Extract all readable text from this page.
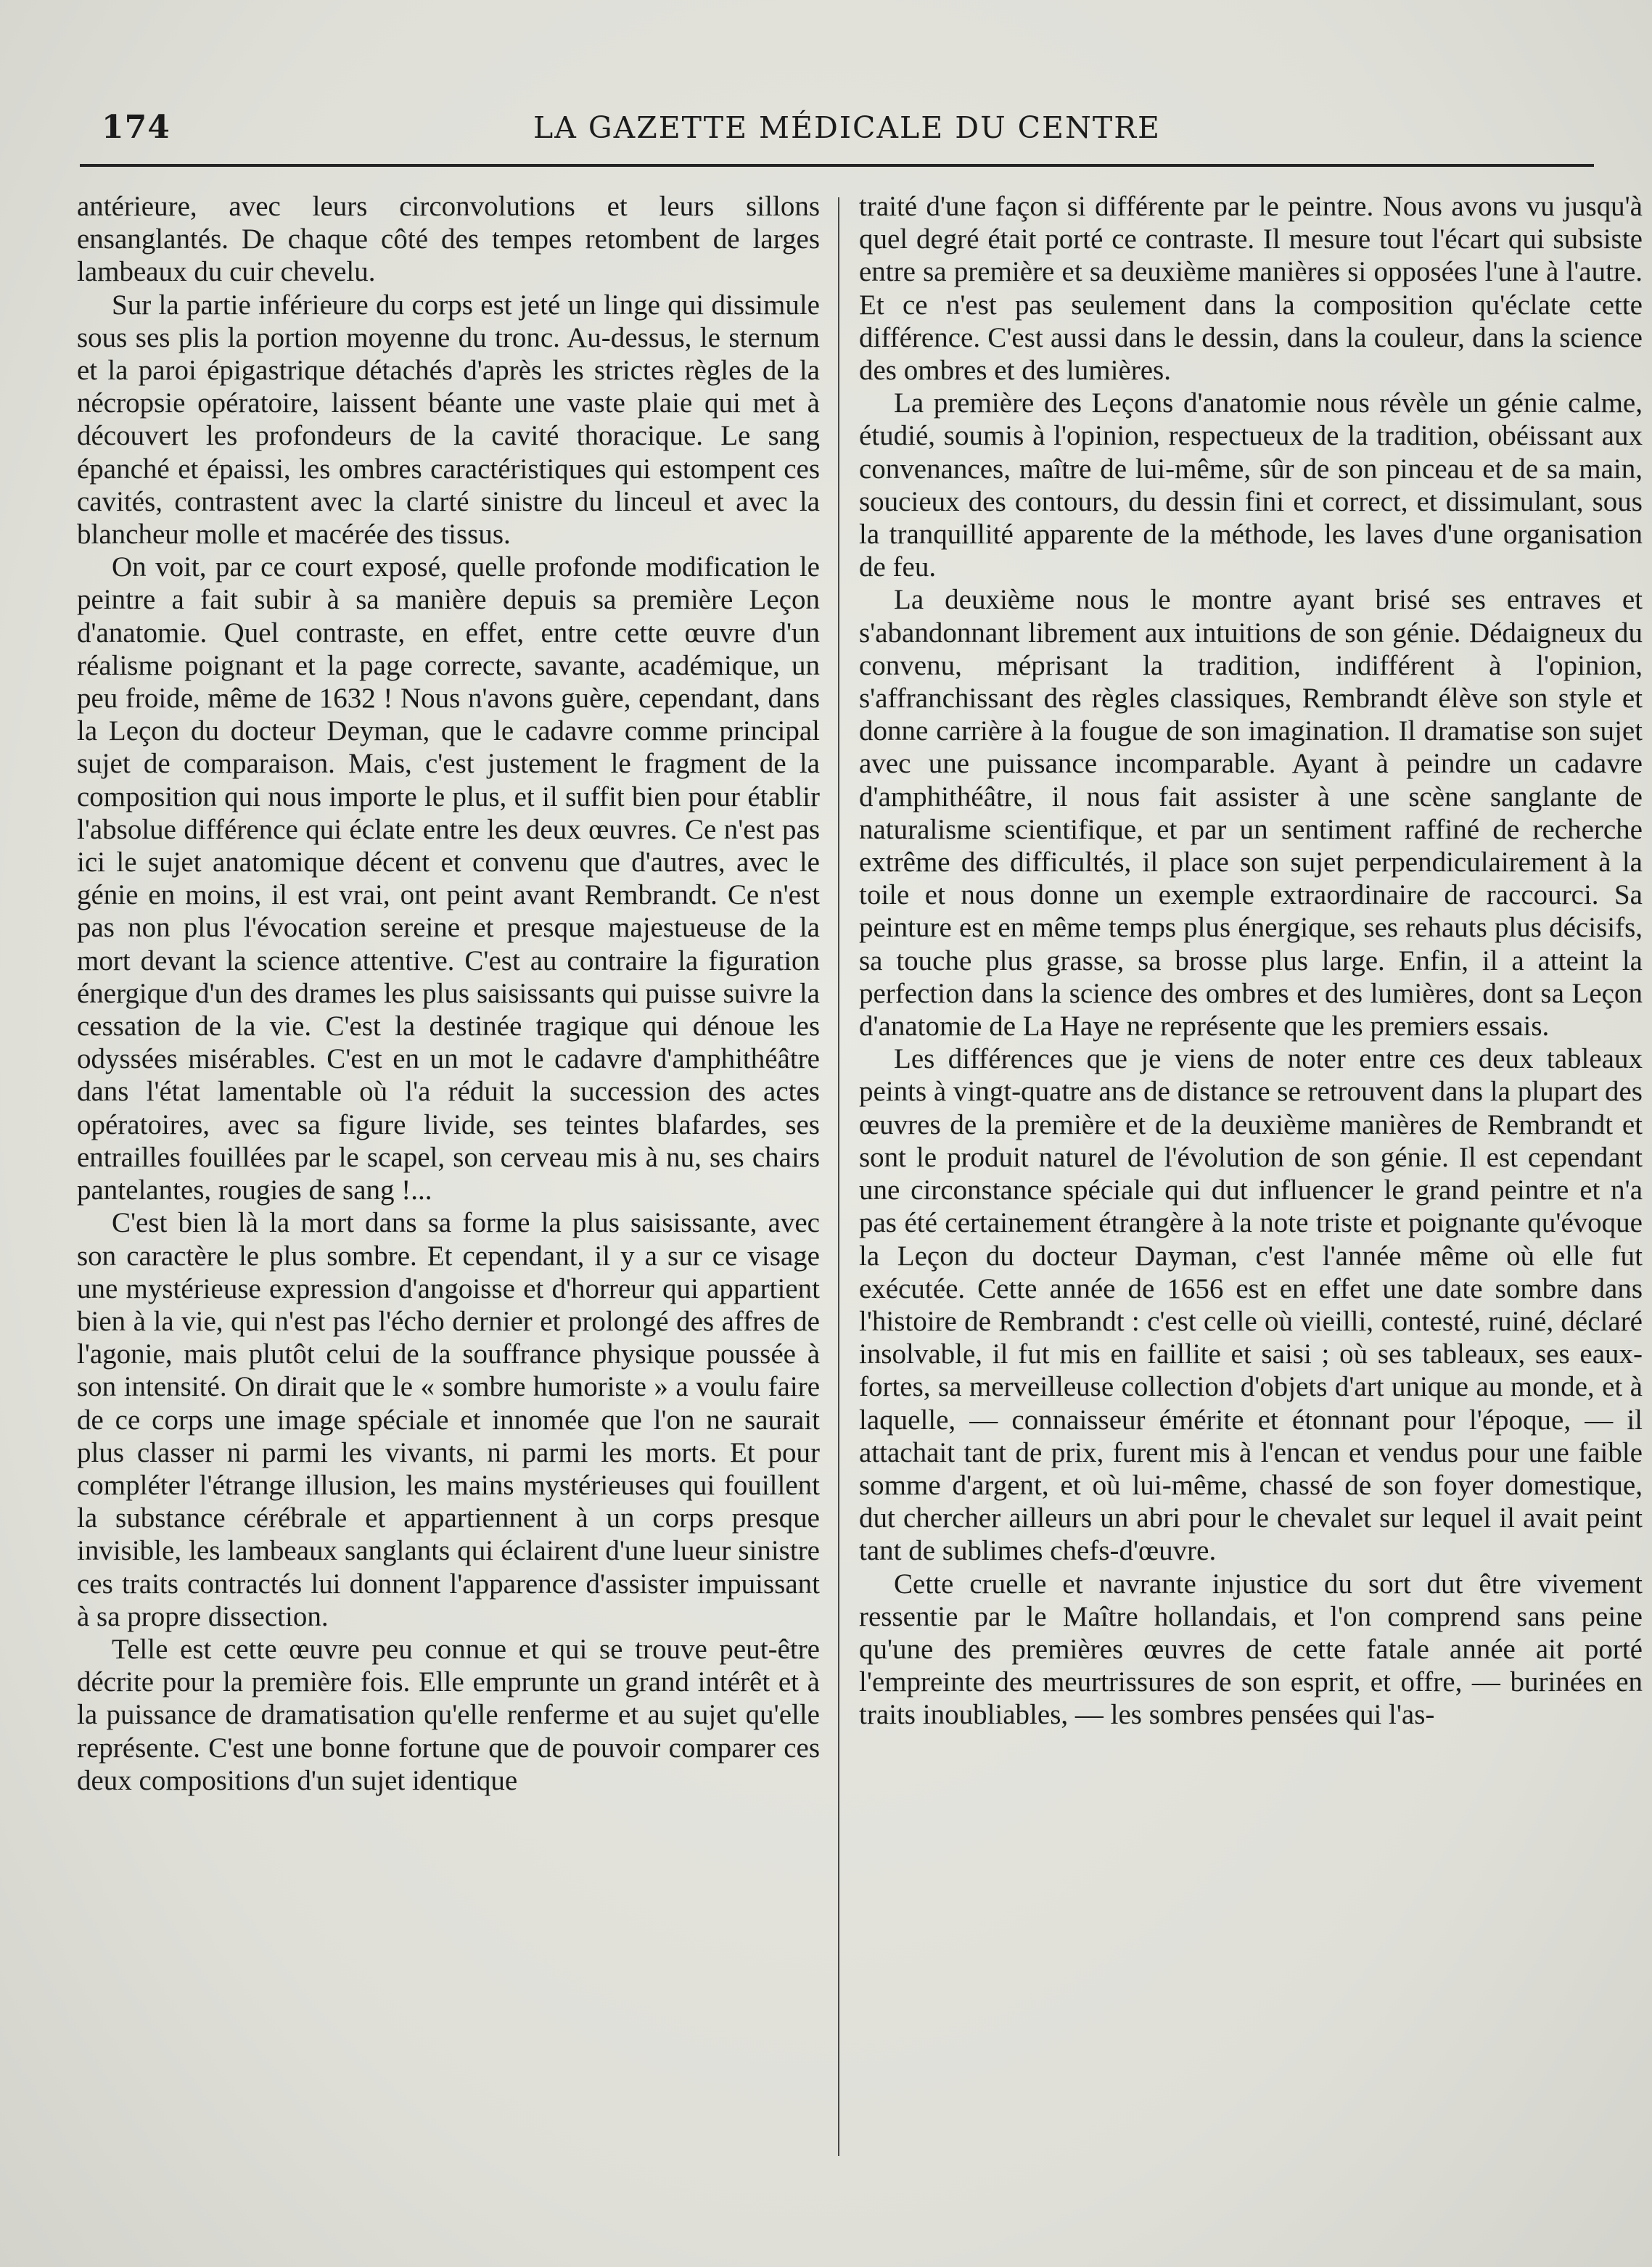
174	LA GAZETTE MÉDICALE DU CENTRE

antérieure, avec leurs circonvolutions et leurs sillons ensanglantés. De chaque côté des tempes retombent de larges lambeaux du cuir chevelu.

Sur la partie inférieure du corps est jeté un linge qui dissimule sous ses plis la portion moyenne du tronc. Au-dessus, le sternum et la paroi épigastrique détachés d'après les strictes règles de la nécropsie opératoire, laissent béante une vaste plaie qui met à découvert les profondeurs de la cavité thoracique. Le sang épanché et épaissi, les ombres caractéristiques qui estompent ces cavités, contrastent avec la clarté sinistre du linceul et avec la blancheur molle et macérée des tissus.

On voit, par ce court exposé, quelle profonde modification le peintre a fait subir à sa manière depuis sa première Leçon d'anatomie. Quel contraste, en effet, entre cette œuvre d'un réalisme poignant et la page correcte, savante, académique, un peu froide, même de 1632 ! Nous n'avons guère, cependant, dans la Leçon du docteur Deyman, que le cadavre comme principal sujet de comparaison. Mais, c'est justement le fragment de la composition qui nous importe le plus, et il suffit bien pour établir l'absolue différence qui éclate entre les deux œuvres. Ce n'est pas ici le sujet anatomique décent et convenu que d'autres, avec le génie en moins, il est vrai, ont peint avant Rembrandt. Ce n'est pas non plus l'évocation sereine et presque majestueuse de la mort devant la science attentive. C'est au contraire la figuration énergique d'un des drames les plus saisissants qui puisse suivre la cessation de la vie. C'est la destinée tragique qui dénoue les odyssées misérables. C'est en un mot le cadavre d'amphithéâtre dans l'état lamentable où l'a réduit la succession des actes opératoires, avec sa figure livide, ses teintes blafardes, ses entrailles fouillées par le scapel, son cerveau mis à nu, ses chairs pantelantes, rougies de sang !...

C'est bien là la mort dans sa forme la plus saisissante, avec son caractère le plus sombre. Et cependant, il y a sur ce visage une mystérieuse expression d'angoisse et d'horreur qui appartient bien à la vie, qui n'est pas l'écho dernier et prolongé des affres de l'agonie, mais plutôt celui de la souffrance physique poussée à son intensité. On dirait que le « sombre humoriste » a voulu faire de ce corps une image spéciale et innomée que l'on ne saurait plus classer ni parmi les vivants, ni parmi les morts. Et pour compléter l'étrange illusion, les mains mystérieuses qui fouillent la substance cérébrale et appartiennent à un corps presque invisible, les lambeaux sanglants qui éclairent d'une lueur sinistre ces traits contractés lui donnent l'apparence d'assister impuissant à sa propre dissection.

Telle est cette œuvre peu connue et qui se trouve peut-être décrite pour la première fois. Elle emprunte un grand intérêt et à la puissance de dramatisation qu'elle renferme et au sujet qu'elle représente. C'est une bonne fortune que de pouvoir comparer ces deux compositions d'un sujet identique

traité d'une façon si différente par le peintre. Nous avons vu jusqu'à quel degré était porté ce contraste. Il mesure tout l'écart qui subsiste entre sa première et sa deuxième manières si opposées l'une à l'autre. Et ce n'est pas seulement dans la composition qu'éclate cette différence. C'est aussi dans le dessin, dans la couleur, dans la science des ombres et des lumières.

La première des Leçons d'anatomie nous révèle un génie calme, étudié, soumis à l'opinion, respectueux de la tradition, obéissant aux convenances, maître de lui-même, sûr de son pinceau et de sa main, soucieux des contours, du dessin fini et correct, et dissimulant, sous la tranquillité apparente de la méthode, les laves d'une organisation de feu.

La deuxième nous le montre ayant brisé ses entraves et s'abandonnant librement aux intuitions de son génie. Dédaigneux du convenu, méprisant la tradition, indifférent à l'opinion, s'affranchissant des règles classiques, Rembrandt élève son style et donne carrière à la fougue de son imagination. Il dramatise son sujet avec une puissance incomparable. Ayant à peindre un cadavre d'amphithéâtre, il nous fait assister à une scène sanglante de naturalisme scientifique, et par un sentiment raffiné de recherche extrême des difficultés, il place son sujet perpendiculairement à la toile et nous donne un exemple extraordinaire de raccourci. Sa peinture est en même temps plus énergique, ses rehauts plus décisifs, sa touche plus grasse, sa brosse plus large. Enfin, il a atteint la perfection dans la science des ombres et des lumières, dont sa Leçon d'anatomie de La Haye ne représente que les premiers essais.

Les différences que je viens de noter entre ces deux tableaux peints à vingt-quatre ans de distance se retrouvent dans la plupart des œuvres de la première et de la deuxième manières de Rembrandt et sont le produit naturel de l'évolution de son génie. Il est cependant une circonstance spéciale qui dut influencer le grand peintre et n'a pas été certainement étrangère à la note triste et poignante qu'évoque la Leçon du docteur Dayman, c'est l'année même où elle fut exécutée. Cette année de 1656 est en effet une date sombre dans l'histoire de Rembrandt : c'est celle où vieilli, contesté, ruiné, déclaré insolvable, il fut mis en faillite et saisi ; où ses tableaux, ses eaux-fortes, sa merveilleuse collection d'objets d'art unique au monde, et à laquelle, — connaisseur émérite et étonnant pour l'époque, — il attachait tant de prix, furent mis à l'encan et vendus pour une faible somme d'argent, et où lui-même, chassé de son foyer domestique, dut chercher ailleurs un abri pour le chevalet sur lequel il avait peint tant de sublimes chefs-d'œuvre.

Cette cruelle et navrante injustice du sort dut être vivement ressentie par le Maître hollandais, et l'on comprend sans peine qu'une des premières œuvres de cette fatale année ait porté l'empreinte des meurtrissures de son esprit, et offre, — burinées en traits inoubliables, — les sombres pensées qui l'as-
